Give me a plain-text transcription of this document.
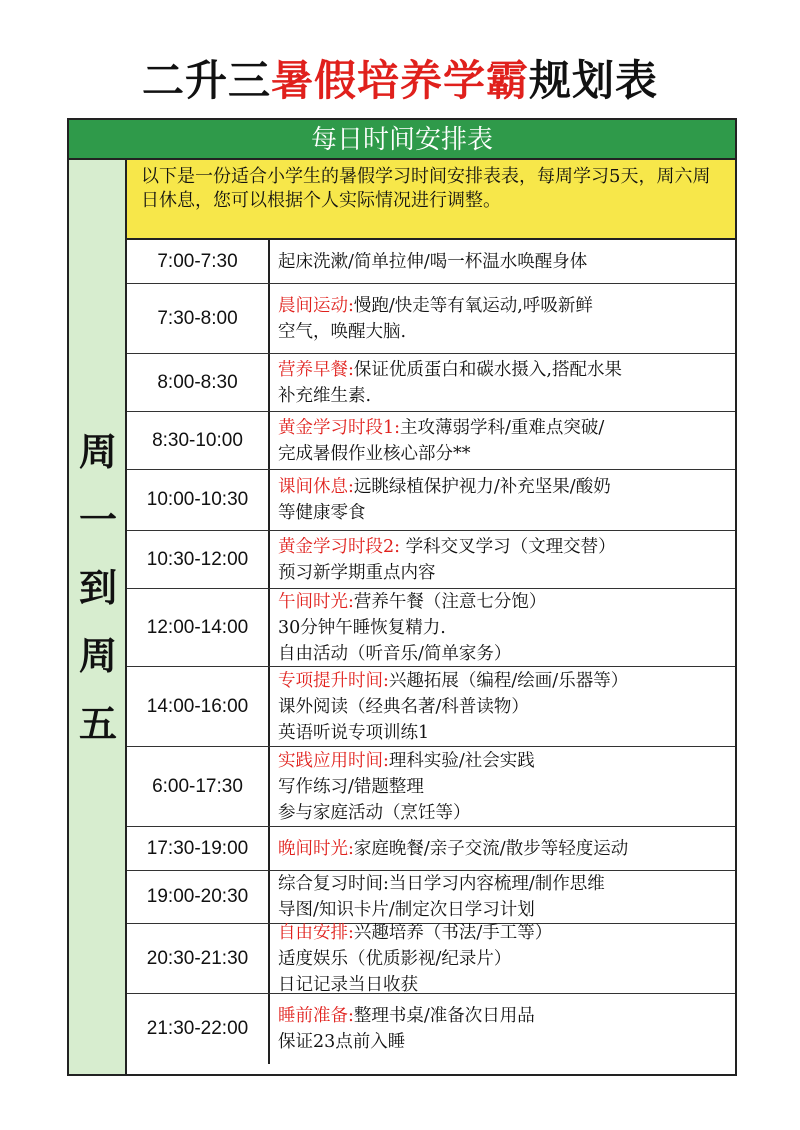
二升三暑假培养学霸规划表
每日时间安排表
周
一
到
周
五
以下是一份适合小学生的暑假学习时间安排表表，每周学习5天，周六周日休息，您可以根据个人实际情况进行调整。
7:00-7:30	起床洗漱/简单拉伸/喝一杯温水唤醒身体
7:30-8:00
晨间运动:慢跑/快走等有氧运动,呼吸新鲜
空气，唤醒大脑.
8:00-8:30
营养早餐:保证优质蛋白和碳水摄入,搭配水果
补充维生素.
8:30-10:00
黄金学习时段1:主攻薄弱学科/重难点突破/
完成暑假作业核心部分**
10:00-10:30
课间休息:远眺绿植保护视力/补充坚果/酸奶
等健康零食
10:30-12:00
黄金学习时段2: 学科交叉学习（文理交替）
预习新学期重点内容
12:00-14:00
午间时光:营养午餐（注意七分饱）
30分钟午睡恢复精力.
自由活动（听音乐/简单家务）
14:00-16:00
专项提升时间:兴趣拓展（编程/绘画/乐器等）
课外阅读（经典名著/科普读物）
英语听说专项训练1
6:00-17:30
实践应用时间:理科实验/社会实践
写作练习/错题整理
参与家庭活动（烹饪等）
17:30-19:00	晚间时光:家庭晚餐/亲子交流/散步等轻度运动
19:00-20:30
综合复习时间:当日学习内容梳理/制作思维
导图/知识卡片/制定次日学习计划
20:30-21:30
自由安排:兴趣培养（书法/手工等）
适度娱乐（优质影视/纪录片）
日记记录当日收获
21:30-22:00
睡前准备:整理书桌/准备次日用品
保证23点前入睡
